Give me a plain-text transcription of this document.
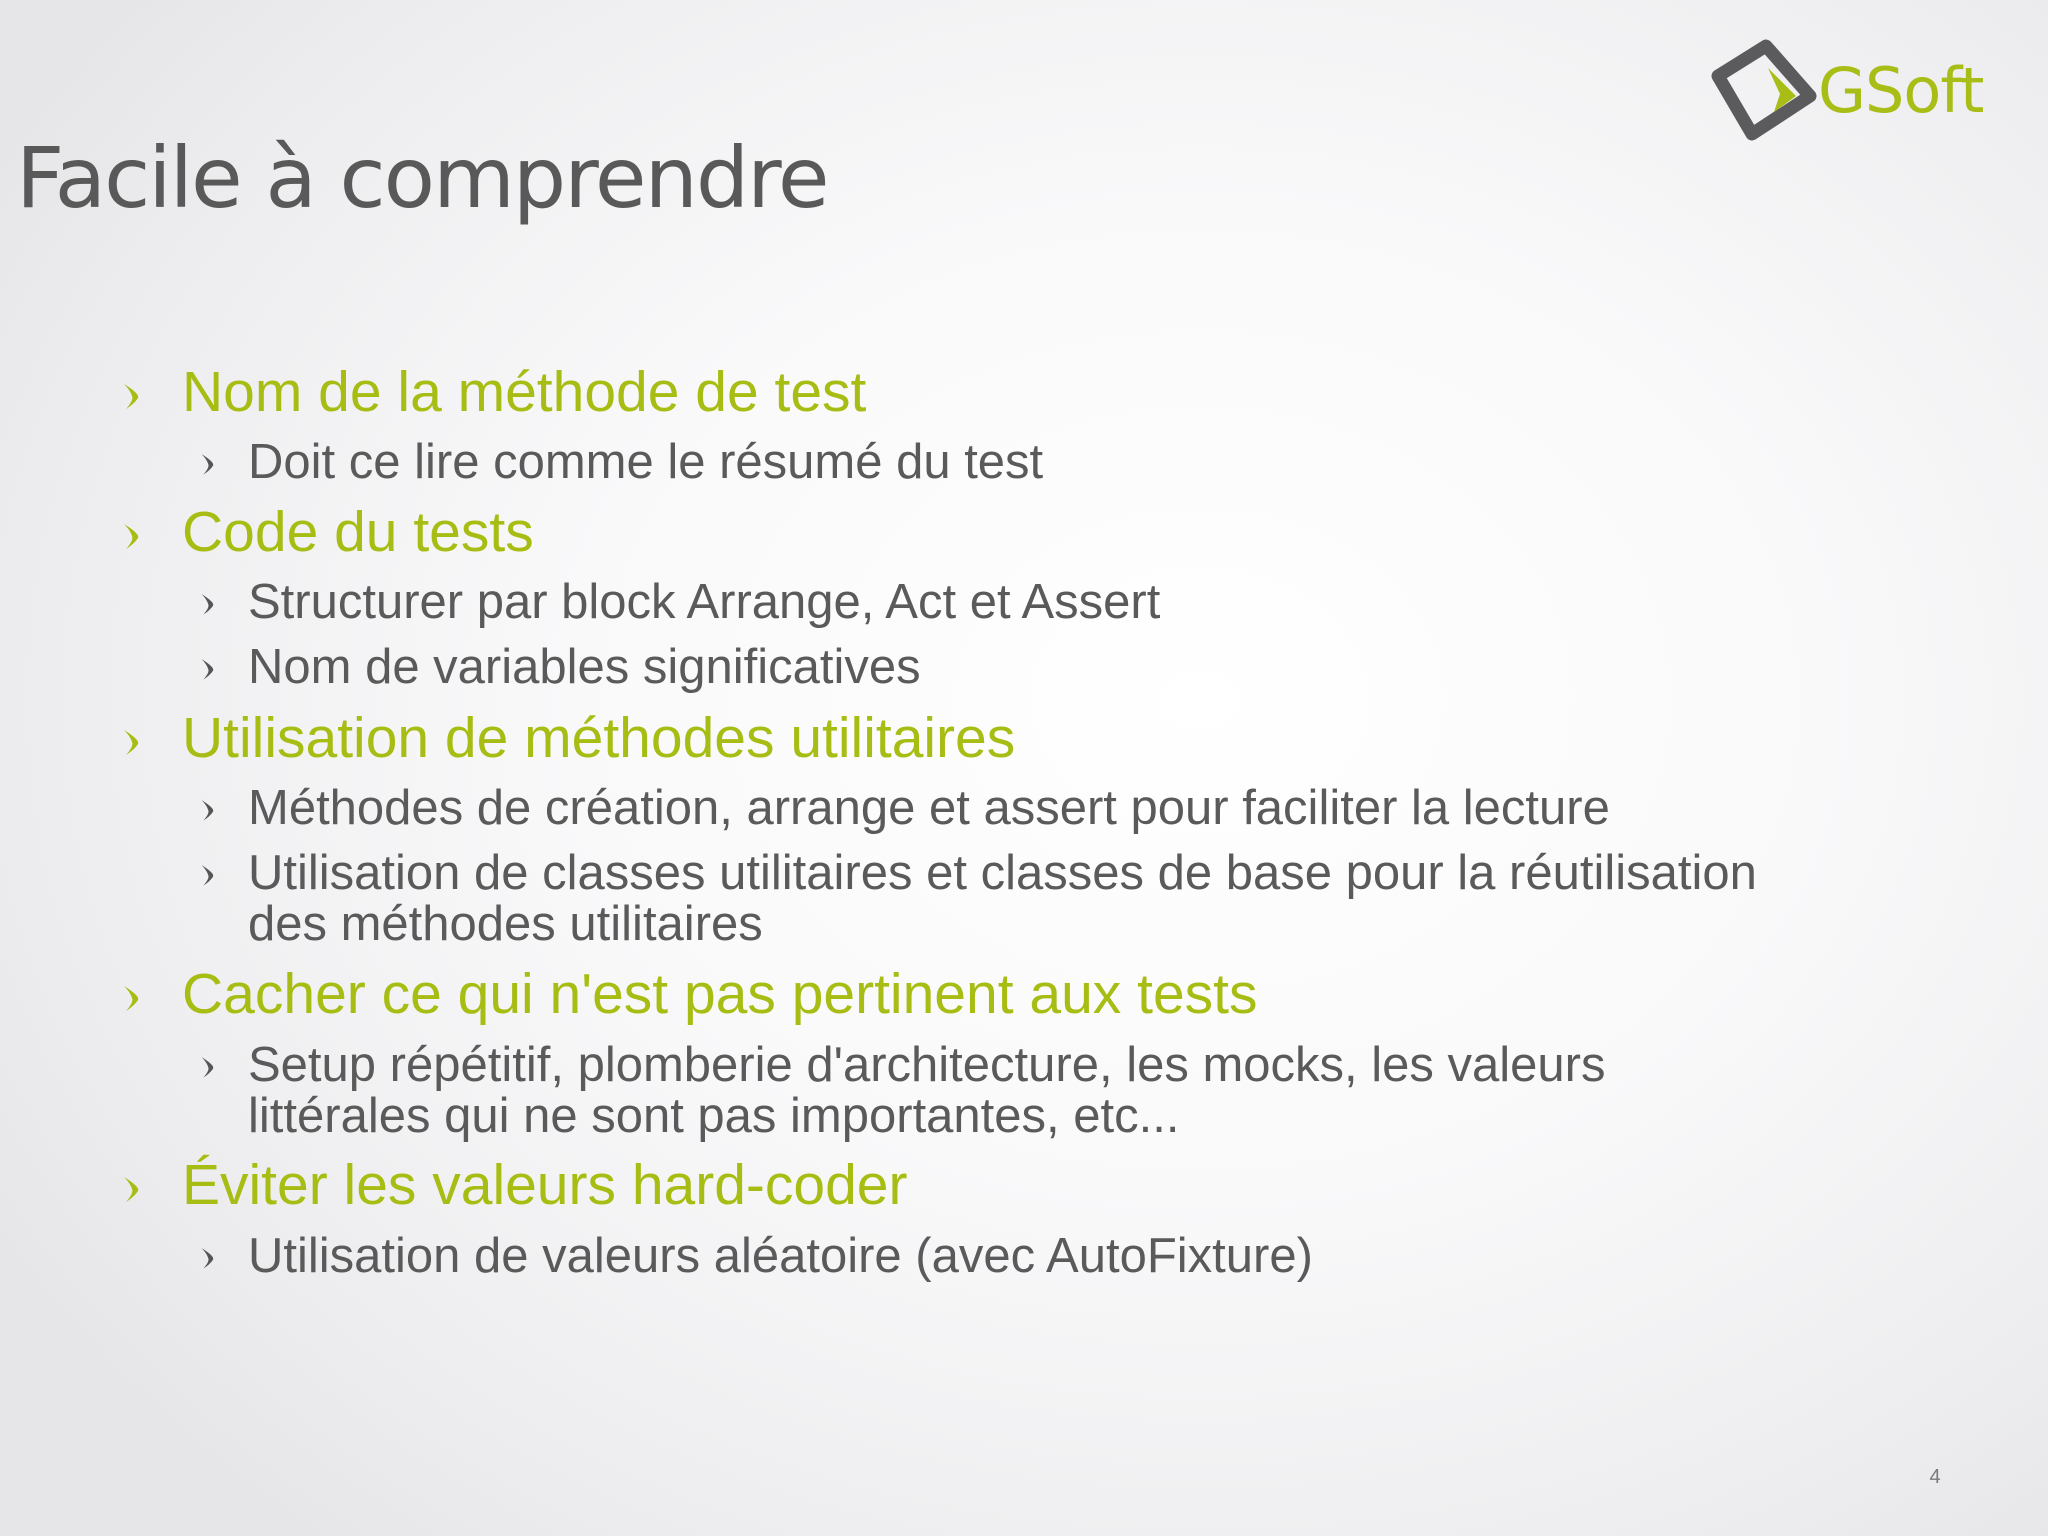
GSoft
Facile à comprendre
Nom de la méthode de test
Doit ce lire comme le résumé du test
Code du tests
Structurer par block Arrange, Act et Assert
Nom de variables significatives
Utilisation de méthodes utilitaires
Méthodes de création, arrange et assert pour faciliter la lecture
Utilisation de classes utilitaires et classes de base pour la réutilisation
des méthodes utilitaires
Cacher ce qui n'est pas pertinent aux tests
Setup répétitif, plomberie d'architecture, les mocks, les valeurs
littérales qui ne sont pas importantes, etc...
Éviter les valeurs hard-coder
Utilisation de valeurs aléatoire (avec AutoFixture)
4
